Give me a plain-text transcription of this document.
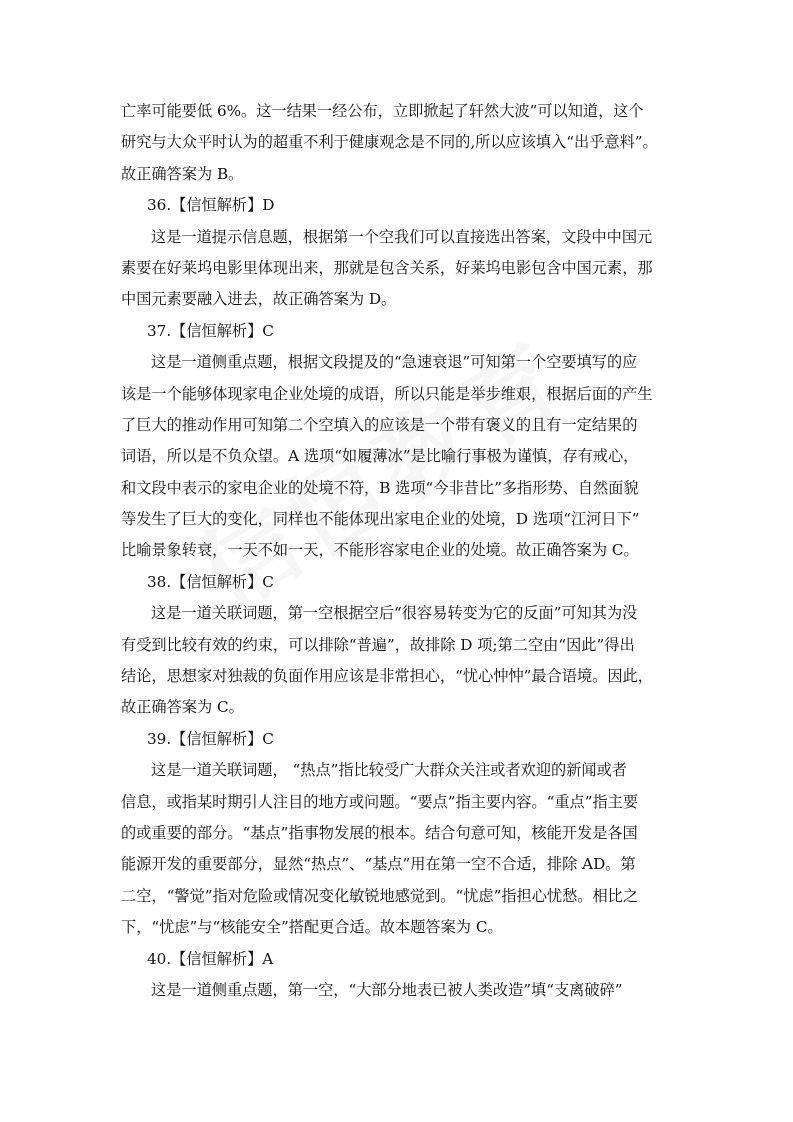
亡率可能要低 6%。这一结果一经公布，立即掀起了轩然大波”可以知道，这个
研究与大众平时认为的超重不利于健康观念是不同的,所以应该填入“出乎意料”。
故正确答案为 B。
36.【信恒解析】D
这是一道提示信息题，根据第一个空我们可以直接选出答案，文段中中国元
素要在好莱坞电影里体现出来，那就是包含关系，好莱坞电影包含中国元素，那
中国元素要融入进去，故正确答案为 D。
37.【信恒解析】C
这是一道侧重点题，根据文段提及的“急速衰退”可知第一个空要填写的应
该是一个能够体现家电企业处境的成语，所以只能是举步维艰，根据后面的产生
了巨大的推动作用可知第二个空填入的应该是一个带有褒义的且有一定结果的
词语，所以是不负众望。A 选项“如履薄冰”是比喻行事极为谨慎，存有戒心，
和文段中表示的家电企业的处境不符，B 选项“今非昔比”多指形势、自然面貌
等发生了巨大的变化，同样也不能体现出家电企业的处境，D 选项“江河日下”
比喻景象转衰，一天不如一天，不能形容家电企业的处境。故正确答案为 C。
38.【信恒解析】C
这是一道关联词题，第一空根据空后“很容易转变为它的反面”可知其为没
有受到比较有效的约束，可以排除“普遍”，故排除 D 项;第二空由“因此”得出
结论，思想家对独裁的负面作用应该是非常担心，“忧心忡忡”最合语境。因此，
故正确答案为 C。
39.【信恒解析】C
这是一道关联词题， “热点”指比较受广大群众关注或者欢迎的新闻或者
信息，或指某时期引人注目的地方或问题。“要点”指主要内容。“重点”指主要
的或重要的部分。“基点”指事物发展的根本。结合句意可知，核能开发是各国
能源开发的重要部分，显然“热点”、“基点”用在第一空不合适，排除 AD。第
二空，“警觉”指对危险或情况变化敏锐地感觉到。“忧虑”指担心忧愁。相比之
下，“忧虑”与“核能安全”搭配更合适。故本题答案为 C。
40.【信恒解析】A
这是一道侧重点题，第一空，“大部分地表已被人类改造”填“支离破碎”
